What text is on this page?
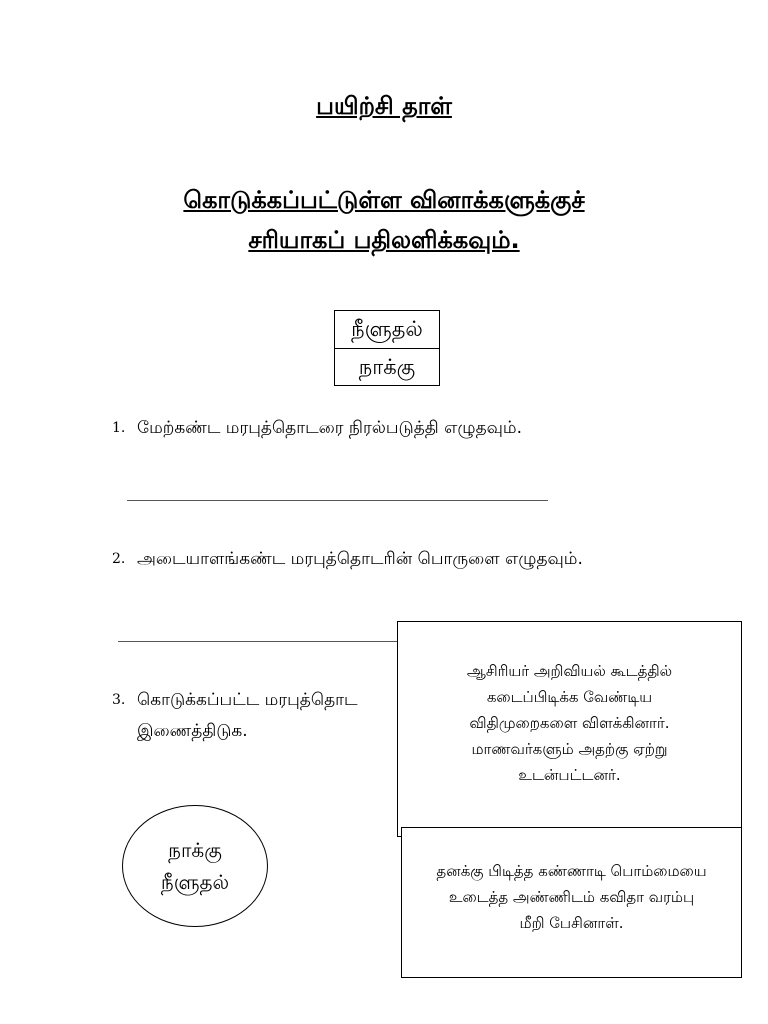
பயிற்சி தாள்
கொடுக்கப்பட்டுள்ள வினாக்களுக்குச்
சரியாகப் பதிலளிக்கவும்.
நீளுதல்
நாக்கு
1. மேற்கண்ட மரபுத்தொடரை நிரல்படுத்தி எழுதவும்.
2. அடையாளங்கண்ட மரபுத்தொடரின் பொருளை எழுதவும்.
3. கொடுக்கப்பட்ட மரபுத்தொட
இணைத்திடுக.
ஆசிரியர் அறிவியல் கூடத்தில்
கடைப்பிடிக்க வேண்டிய
விதிமுறைகளை விளக்கினார்.
மாணவர்களும் அதற்கு ஏற்று
உடன்பட்டனர்.
தனக்கு பிடித்த கண்ணாடி பொம்மையை
உடைத்த அண்ணிடம் கவிதா வரம்பு
மீறி பேசினாள்.
நாக்கு
நீளுதல்
